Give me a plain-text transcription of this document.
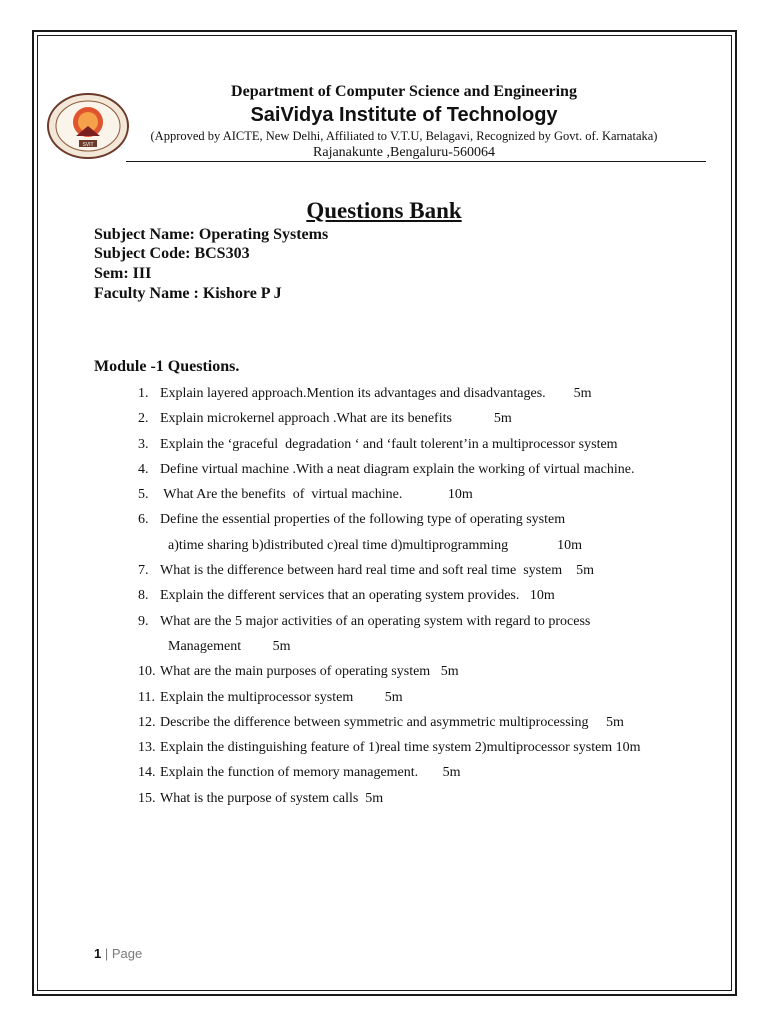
SVIT
Department of Computer Science and Engineering
SaiVidya Institute of Technology
(Approved by AICTE, New Delhi, Affiliated to V.T.U, Belagavi, Recognized by Govt. of. Karnataka)
Rajanakunte ,Bengaluru-560064
Questions Bank
Subject Name: Operating Systems
Subject Code: BCS303
Sem: III
Faculty Name : Kishore P J
Module -1 Questions.
1. Explain layered approach.Mention its advantages and disadvantages.        5m
2. Explain microkernel approach .What are its benefits            5m
3. Explain the ‘graceful  degradation ‘ and ‘fault tolerent’in a multiprocessor system
4. Define virtual machine .With a neat diagram explain the working of virtual machine.
5. What Are the benefits  of  virtual machine.             10m
6. Define the essential properties of the following type of operating system
a)time sharing b)distributed c)real time d)multiprogramming              10m
7. What is the difference between hard real time and soft real time  system    5m
8. Explain the different services that an operating system provides.   10m
9. What are the 5 major activities of an operating system with regard to process
Management         5m
10. What are the main purposes of operating system   5m
11. Explain the multiprocessor system         5m
12. Describe the difference between symmetric and asymmetric multiprocessing     5m
13. Explain the distinguishing feature of 1)real time system 2)multiprocessor system 10m
14. Explain the function of memory management.       5m
15. What is the purpose of system calls  5m
1 | Page
